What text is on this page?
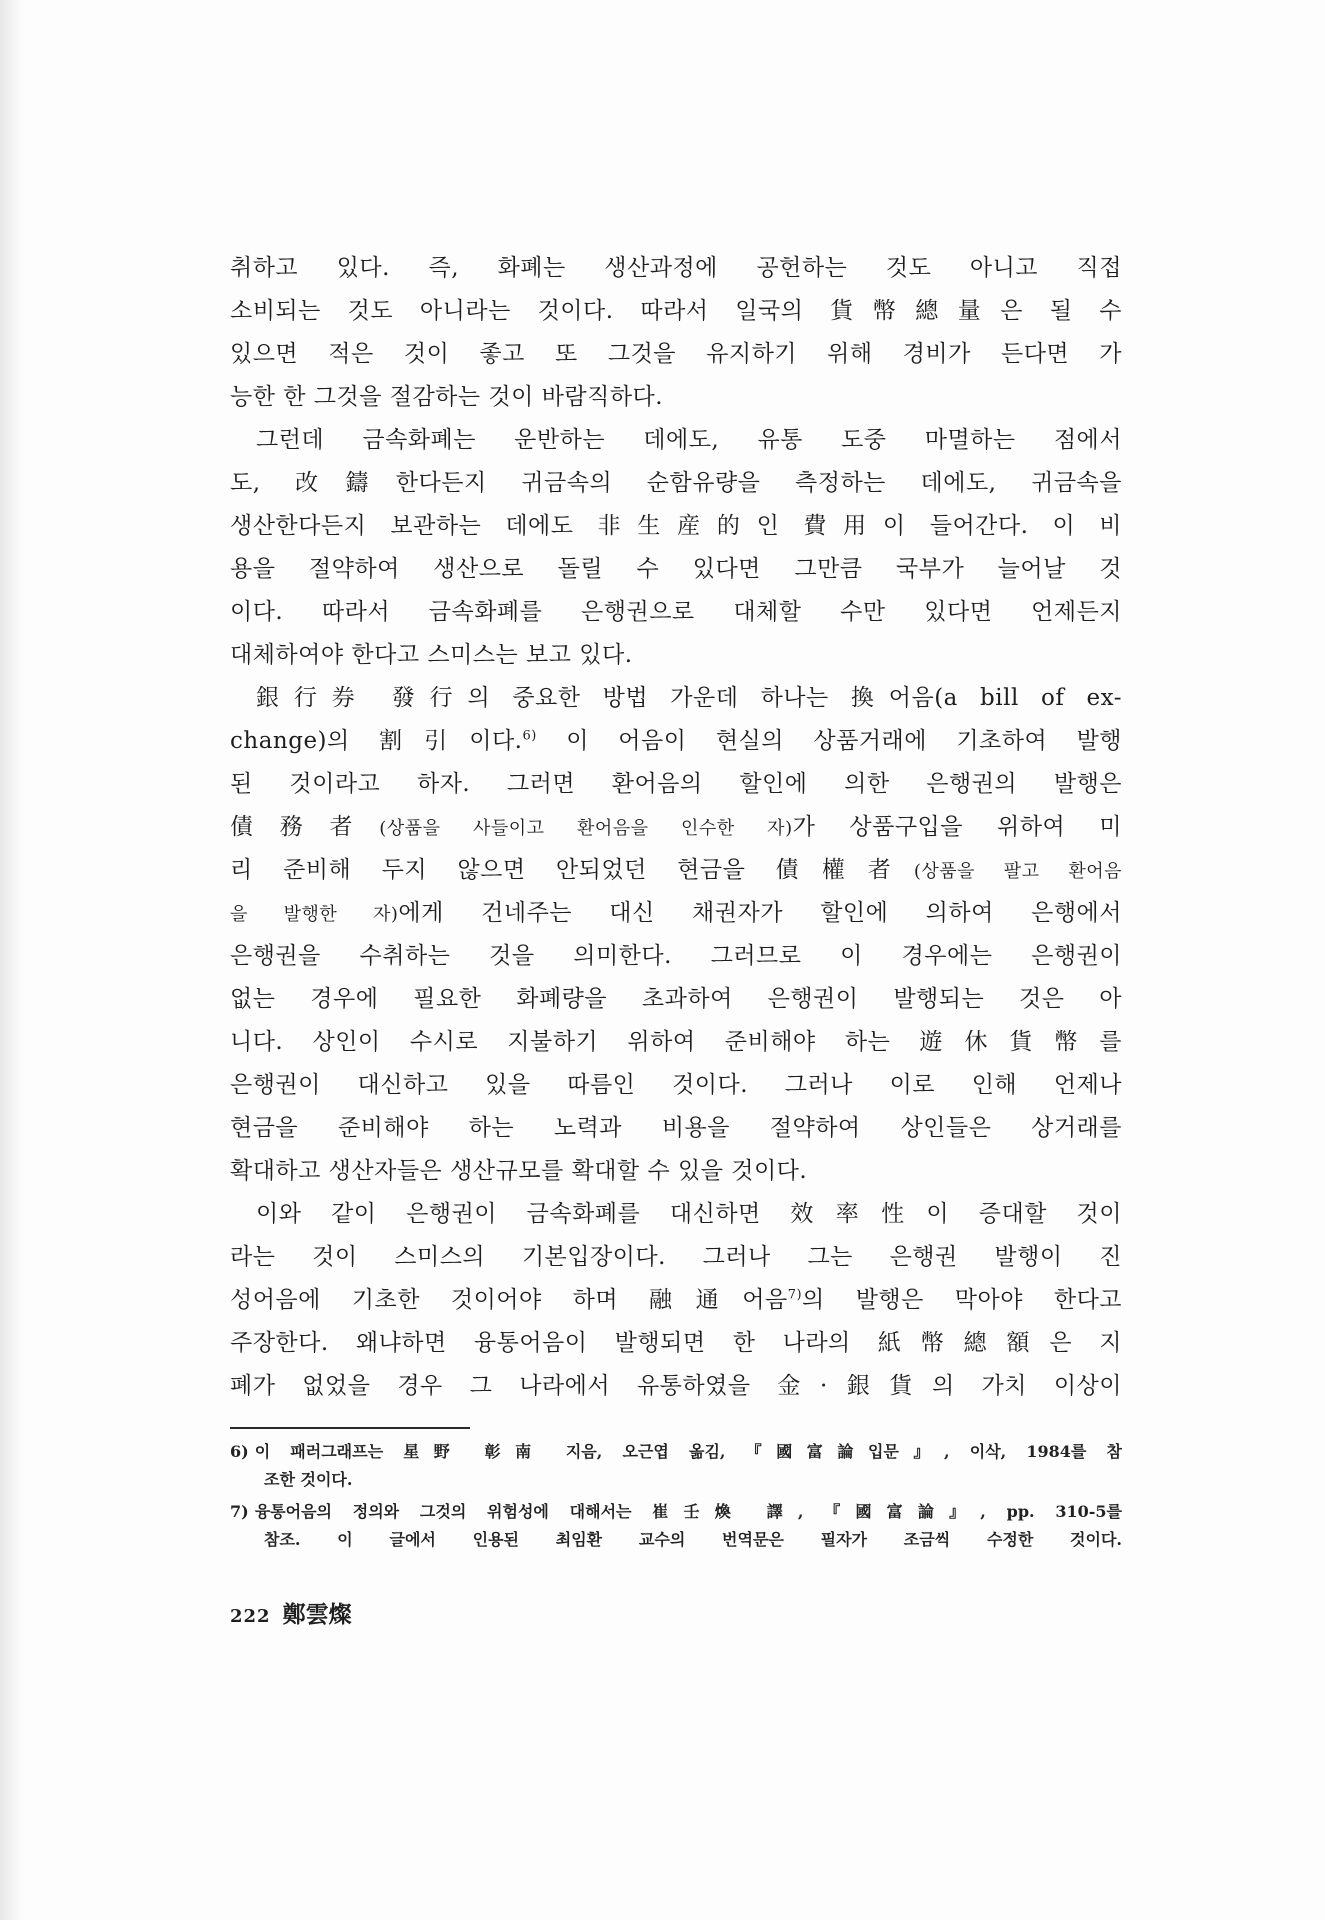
취하고 있다. 즉, 화폐는 생산과정에 공헌하는 것도 아니고 직접
소비되는 것도 아니라는 것이다. 따라서 일국의 貨幣總量은 될 수
있으면 적은 것이 좋고 또 그것을 유지하기 위해 경비가 든다면 가
능한 한 그것을 절감하는 것이 바람직하다.
그런데 금속화폐는 운반하는 데에도, 유통 도중 마멸하는 점에서
도, 改鑄한다든지 귀금속의 순함유량을 측정하는 데에도, 귀금속을
생산한다든지 보관하는 데에도 非生産的인 費用이 들어간다. 이 비
용을 절약하여 생산으로 돌릴 수 있다면 그만큼 국부가 늘어날 것
이다. 따라서 금속화폐를 은행권으로 대체할 수만 있다면 언제든지
대체하여야 한다고 스미스는 보고 있다.
銀行券 發行의 중요한 방법 가운데 하나는 換어음(a bill of ex-
change)의 割引이다.$^{6)}$ 이 어음이 현실의 상품거래에 기초하여 발행
된 것이라고 하자. 그러면 환어음의 할인에 의한 은행권의 발행은
債務者(상품을 사들이고 환어음을 인수한 자)가 상품구입을 위하여 미
리 준비해 두지 않으면 안되었던 현금을 債權者(상품을 팔고 환어음
을 발행한 자)에게 건네주는 대신 채권자가 할인에 의하여 은행에서
은행권을 수취하는 것을 의미한다. 그러므로 이 경우에는 은행권이
없는 경우에 필요한 화폐량을 초과하여 은행권이 발행되는 것은 아
니다. 상인이 수시로 지불하기 위하여 준비해야 하는 遊休貨幣를
은행권이 대신하고 있을 따름인 것이다. 그러나 이로 인해 언제나
현금을 준비해야 하는 노력과 비용을 절약하여 상인들은 상거래를
확대하고 생산자들은 생산규모를 확대할 수 있을 것이다.
이와 같이 은행권이 금속화폐를 대신하면 效率性이 증대할 것이
라는 것이 스미스의 기본입장이다. 그러나 그는 은행권 발행이 진
성어음에 기초한 것이어야 하며 融通어음$^{7)}$의 발행은 막아야 한다고
주장한다. 왜냐하면 융통어음이 발행되면 한 나라의 紙幣總額은 지
폐가 없었을 경우 그 나라에서 유통하였을 金·銀貨의 가치 이상이
6) 이 패러그래프는 星野 彰南 지음, 오근엽 옮김, 『國富論입문』, 이삭, 1984를 참
조한 것이다.
7) 융통어음의 정의와 그것의 위험성에 대해서는 崔壬煥 譯, 『國富論』, pp. 310-5를
참조. 이 글에서 인용된 최임환 교수의 번역문은 필자가 조금씩 수정한 것이다.
222 鄭雲燦
